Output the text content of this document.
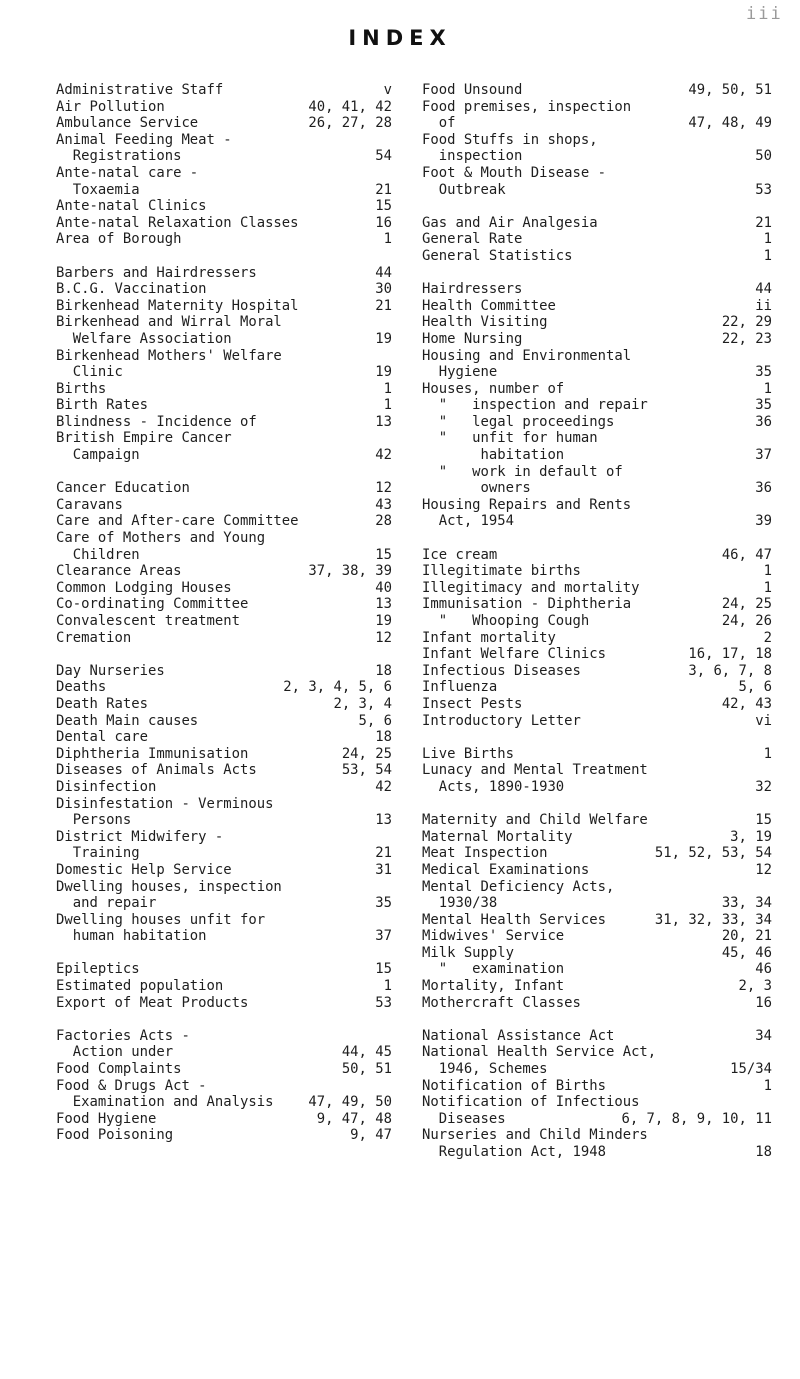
iii
INDEX
Administrative Staff	v
Air Pollution	40, 41, 42
Ambulance Service	26, 27, 28
Animal Feeding Meat -
Registrations	54
Ante-natal care -
Toxaemia	21
Ante-natal Clinics	15
Ante-natal Relaxation Classes	16
Area of Borough	1
Barbers and Hairdressers	44
B.C.G. Vaccination	30
Birkenhead Maternity Hospital	21
Birkenhead and Wirral Moral
Welfare Association	19
Birkenhead Mothers' Welfare
Clinic	19
Births	1
Birth Rates	1
Blindness - Incidence of	13
British Empire Cancer
Campaign	42
Cancer Education	12
Caravans	43
Care and After-care Committee	28
Care of Mothers and Young
Children	15
Clearance Areas	37, 38, 39
Common Lodging Houses	40
Co-ordinating Committee	13
Convalescent treatment	19
Cremation	12
Day Nurseries	18
Deaths	2, 3, 4, 5, 6
Death Rates	2, 3, 4
Death Main causes	5, 6
Dental care	18
Diphtheria Immunisation	24, 25
Diseases of Animals Acts	53, 54
Disinfection	42
Disinfestation - Verminous
Persons	13
District Midwifery -
Training	21
Domestic Help Service	31
Dwelling houses, inspection
and repair	35
Dwelling houses unfit for
human habitation	37
Epileptics	15
Estimated population	1
Export of Meat Products	53
Factories Acts -
Action under	44, 45
Food Complaints	50, 51
Food & Drugs Act -
Examination and Analysis	47, 49, 50
Food Hygiene	9, 47, 48
Food Poisoning	9, 47
Food Unsound	49, 50, 51
Food premises, inspection
of	47, 48, 49
Food Stuffs in shops,
inspection	50
Foot & Mouth Disease -
Outbreak	53
Gas and Air Analgesia	21
General Rate	1
General Statistics	1
Hairdressers	44
Health Committee	ii
Health Visiting	22, 29
Home Nursing	22, 23
Housing and Environmental
Hygiene	35
Houses, number of	1
"   inspection and repair	35
"   legal proceedings	36
"   unfit for human
habitation	37
"   work in default of
owners	36
Housing Repairs and Rents
Act, 1954	39
Ice cream	46, 47
Illegitimate births	1
Illegitimacy and mortality	1
Immunisation - Diphtheria	24, 25
"   Whooping Cough	24, 26
Infant mortality	2
Infant Welfare Clinics	16, 17, 18
Infectious Diseases	3, 6, 7, 8
Influenza	5, 6
Insect Pests	42, 43
Introductory Letter	vi
Live Births	1
Lunacy and Mental Treatment
Acts, 1890-1930	32
Maternity and Child Welfare	15
Maternal Mortality	3, 19
Meat Inspection	51, 52, 53, 54
Medical Examinations	12
Mental Deficiency Acts,
1930/38	33, 34
Mental Health Services	31, 32, 33, 34
Midwives' Service	20, 21
Milk Supply	45, 46
"   examination	46
Mortality, Infant	2, 3
Mothercraft Classes	16
National Assistance Act	34
National Health Service Act,
1946, Schemes	15/34
Notification of Births	1
Notification of Infectious
Diseases	6, 7, 8, 9, 10, 11
Nurseries and Child Minders
Regulation Act, 1948	18
